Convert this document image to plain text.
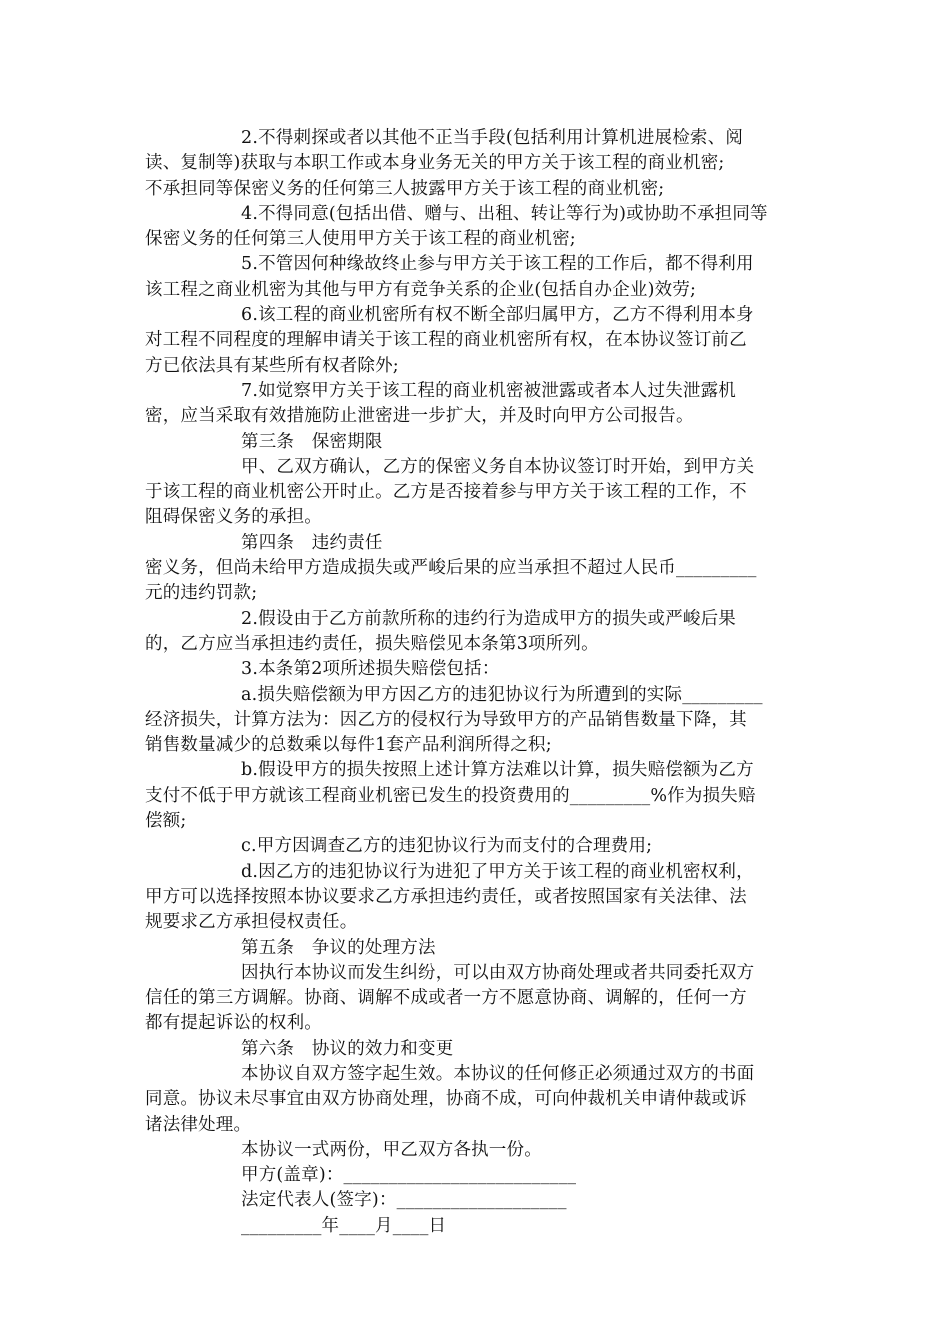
2.不得刺探或者以其他不正当手段(包括利用计算机进展检索、阅
读、复制等)获取与本职工作或本身业务无关的甲方关于该工程的商业机密;
不承担同等保密义务的任何第三人披露甲方关于该工程的商业机密;
4.不得同意(包括出借、赠与、出租、转让等行为)或协助不承担同等
保密义务的任何第三人使用甲方关于该工程的商业机密;
5.不管因何种缘故终止参与甲方关于该工程的工作后，都不得利用
该工程之商业机密为其他与甲方有竞争关系的企业(包括自办企业)效劳;
6.该工程的商业机密所有权不断全部归属甲方，乙方不得利用本身
对工程不同程度的理解申请关于该工程的商业机密所有权，在本协议签订前乙
方已依法具有某些所有权者除外;
7.如觉察甲方关于该工程的商业机密被泄露或者本人过失泄露机
密，应当采取有效措施防止泄密进一步扩大，并及时向甲方公司报告。
第三条　保密期限
甲、乙双方确认，乙方的保密义务自本协议签订时开始，到甲方关
于该工程的商业机密公开时止。乙方是否接着参与甲方关于该工程的工作，不
阻碍保密义务的承担。
第四条　违约责任
密义务，但尚未给甲方造成损失或严峻后果的应当承担不超过人民币_________
元的违约罚款;
2.假设由于乙方前款所称的违约行为造成甲方的损失或严峻后果
的，乙方应当承担违约责任，损失赔偿见本条第3项所列。
3.本条第2项所述损失赔偿包括：
a.损失赔偿额为甲方因乙方的违犯协议行为所遭到的实际_________
经济损失，计算方法为：因乙方的侵权行为导致甲方的产品销售数量下降，其
销售数量减少的总数乘以每件1套产品利润所得之积;
b.假设甲方的损失按照上述计算方法难以计算，损失赔偿额为乙方
支付不低于甲方就该工程商业机密已发生的投资费用的_________%作为损失赔
偿额;
c.甲方因调查乙方的违犯协议行为而支付的合理费用;
d.因乙方的违犯协议行为进犯了甲方关于该工程的商业机密权利，
甲方可以选择按照本协议要求乙方承担违约责任，或者按照国家有关法律、法
规要求乙方承担侵权责任。
第五条　争议的处理方法
因执行本协议而发生纠纷，可以由双方协商处理或者共同委托双方
信任的第三方调解。协商、调解不成或者一方不愿意协商、调解的，任何一方
都有提起诉讼的权利。
第六条　协议的效力和变更
本协议自双方签字起生效。本协议的任何修正必须通过双方的书面
同意。协议未尽事宜由双方协商处理，协商不成，可向仲裁机关申请仲裁或诉
诸法律处理。
本协议一式两份，甲乙双方各执一份。
甲方(盖章)：__________________________
法定代表人(签字)：___________________
_________年____月____日
